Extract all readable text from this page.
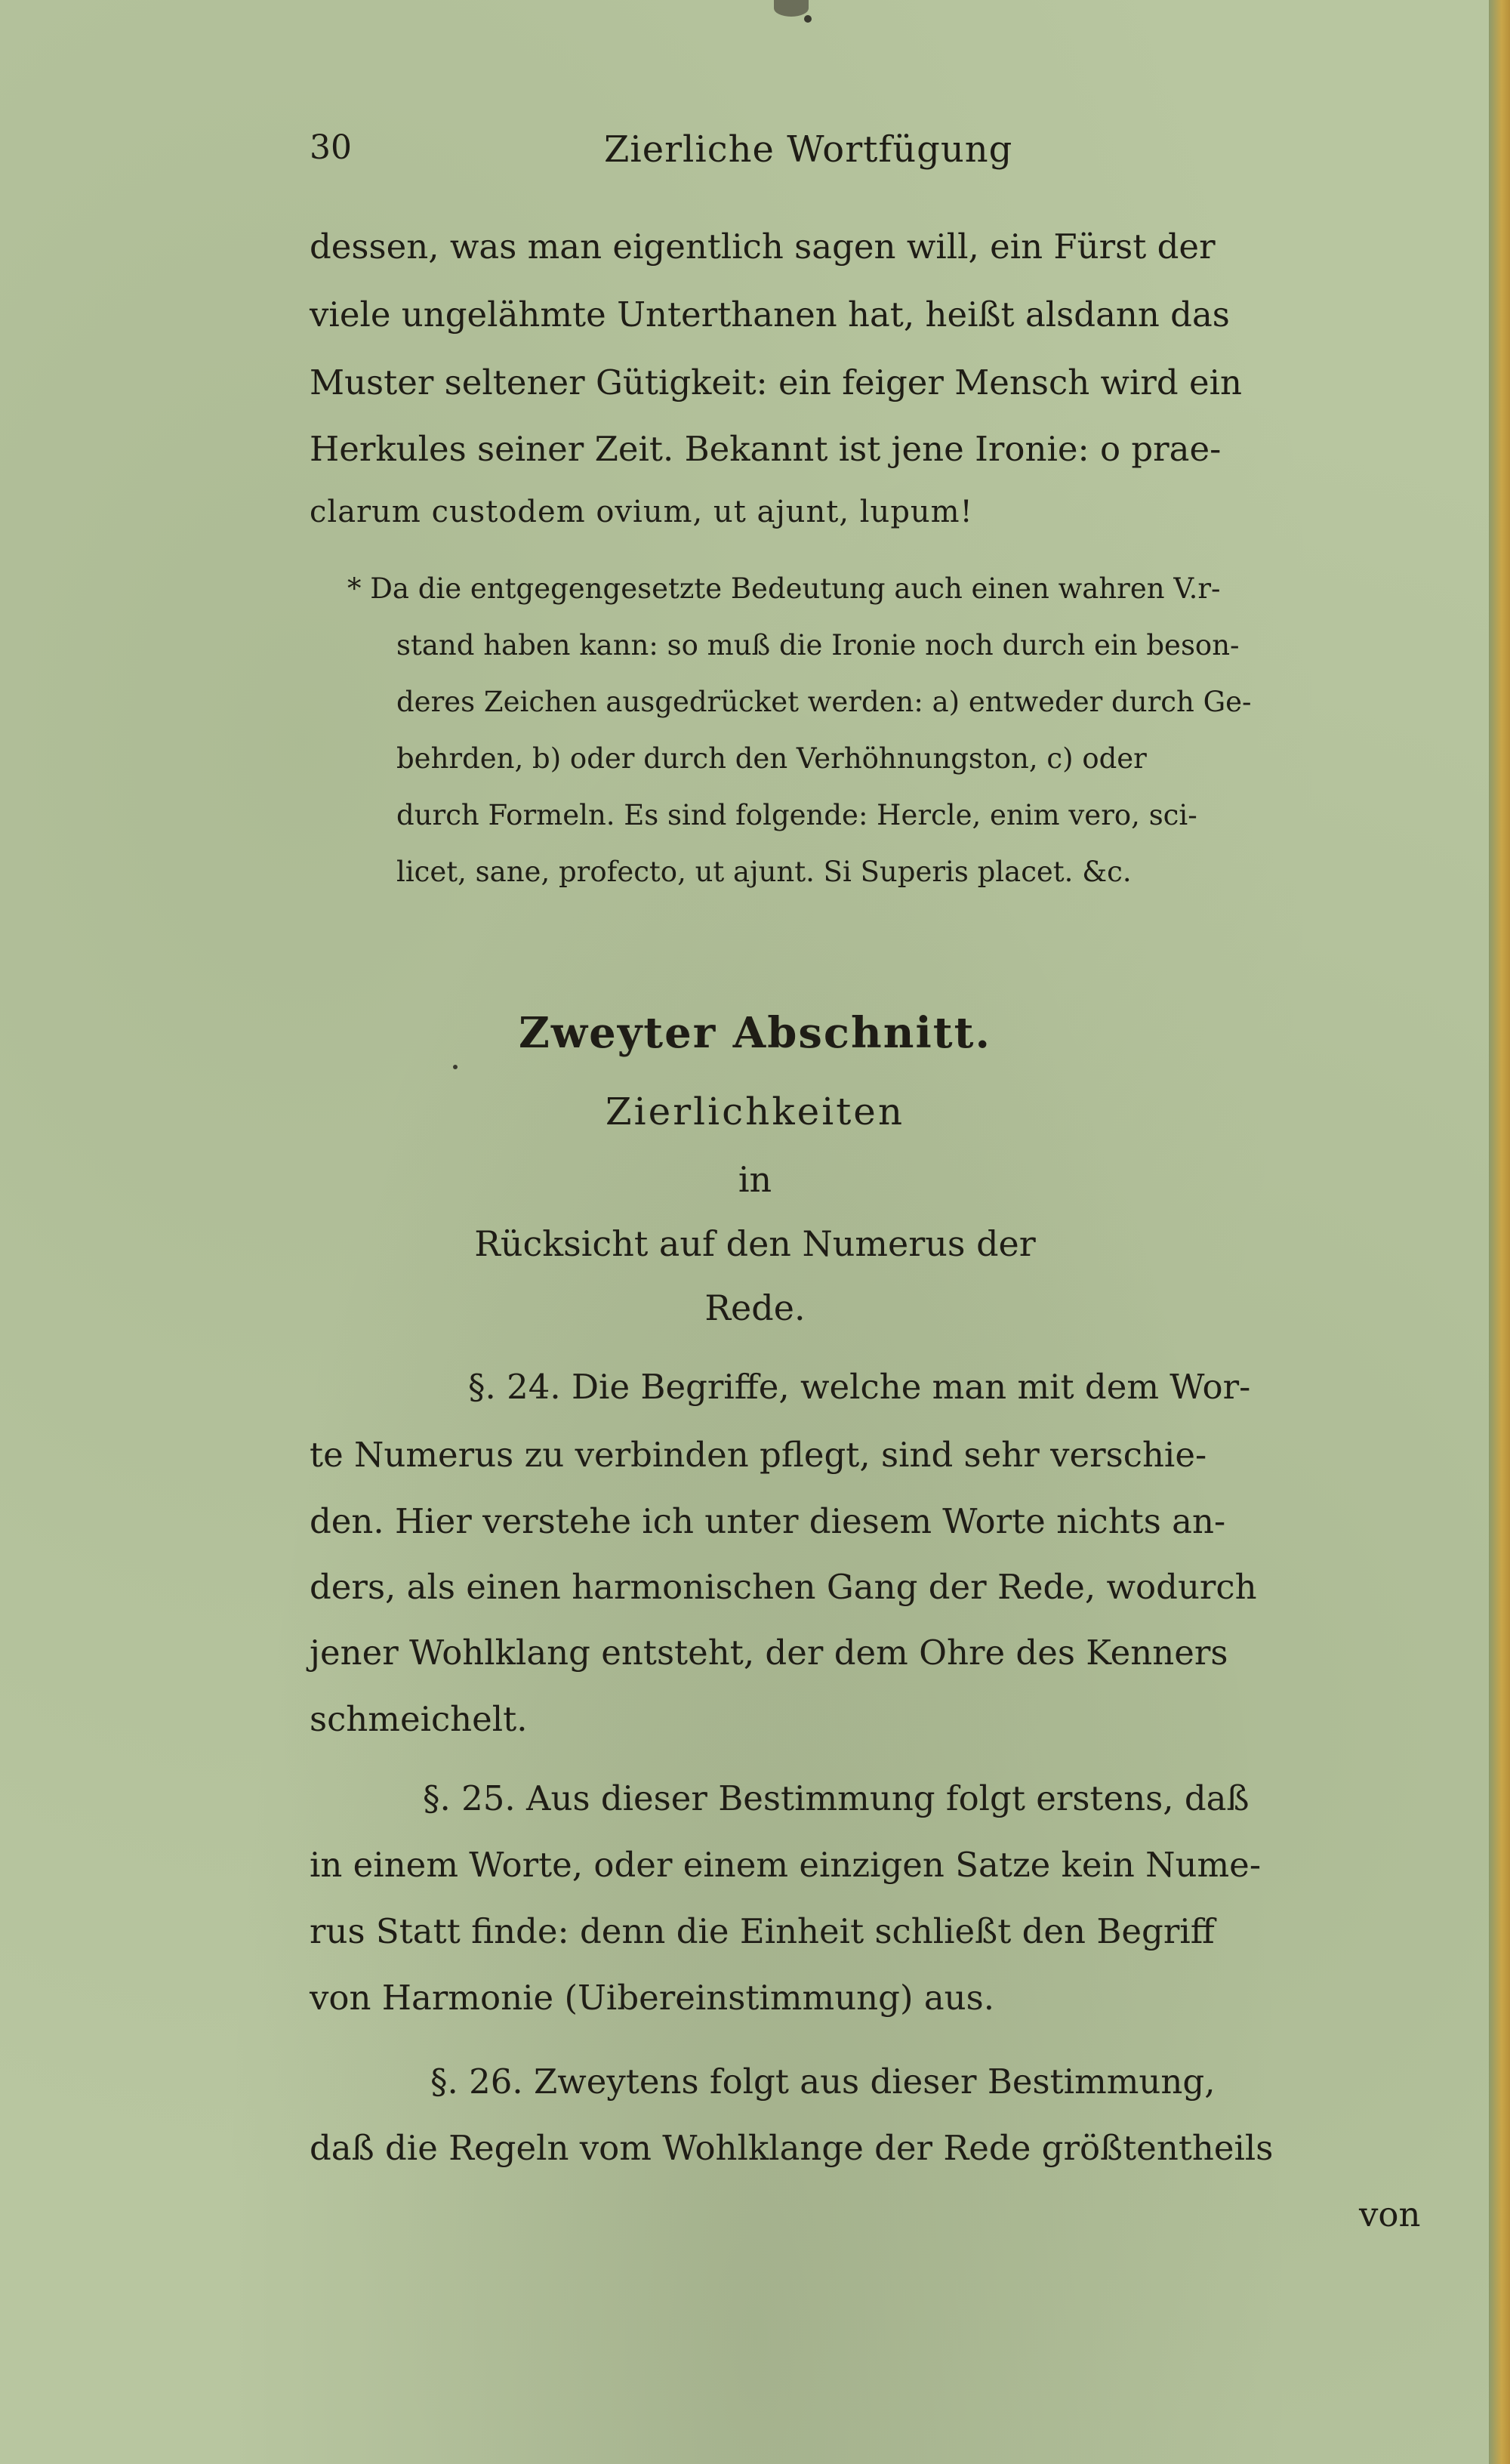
30	Zierliche Wortfügung
dessen, was man eigentlich sagen will, ein Fürst der
viele ungelähmte Unterthanen hat, heißt alsdann das
Muster seltener Gütigkeit: ein feiger Mensch wird ein
Herkules seiner Zeit. Bekannt ist jene Ironie: o prae-
clarum custodem ovium, ut ajunt, lupum!
* Da die entgegengesetzte Bedeutung auch einen wahren V.r-
stand haben kann: so muß die Ironie noch durch ein beson-
deres Zeichen ausgedrücket werden: a) entweder durch Ge-
behrden, b) oder durch den Verhöhnungston, c) oder
durch Formeln. Es sind folgende: Hercle, enim vero, sci-
licet, sane, profecto, ut ajunt. Si Superis placet. &c.
Zweyter Abschnitt.
Zierlichkeiten
in
Rücksicht auf den Numerus der
Rede.
§. 24. Die Begriffe, welche man mit dem Wor-
te Numerus zu verbinden pflegt, sind sehr verschie-
den. Hier verstehe ich unter diesem Worte nichts an-
ders, als einen harmonischen Gang der Rede, wodurch
jener Wohlklang entsteht, der dem Ohre des Kenners
schmeichelt.
§. 25. Aus dieser Bestimmung folgt erstens, daß
in einem Worte, oder einem einzigen Satze kein Nume-
rus Statt finde: denn die Einheit schließt den Begriff
von Harmonie (Uibereinstimmung) aus.
§. 26. Zweytens folgt aus dieser Bestimmung,
daß die Regeln vom Wohlklange der Rede größtentheils
von
